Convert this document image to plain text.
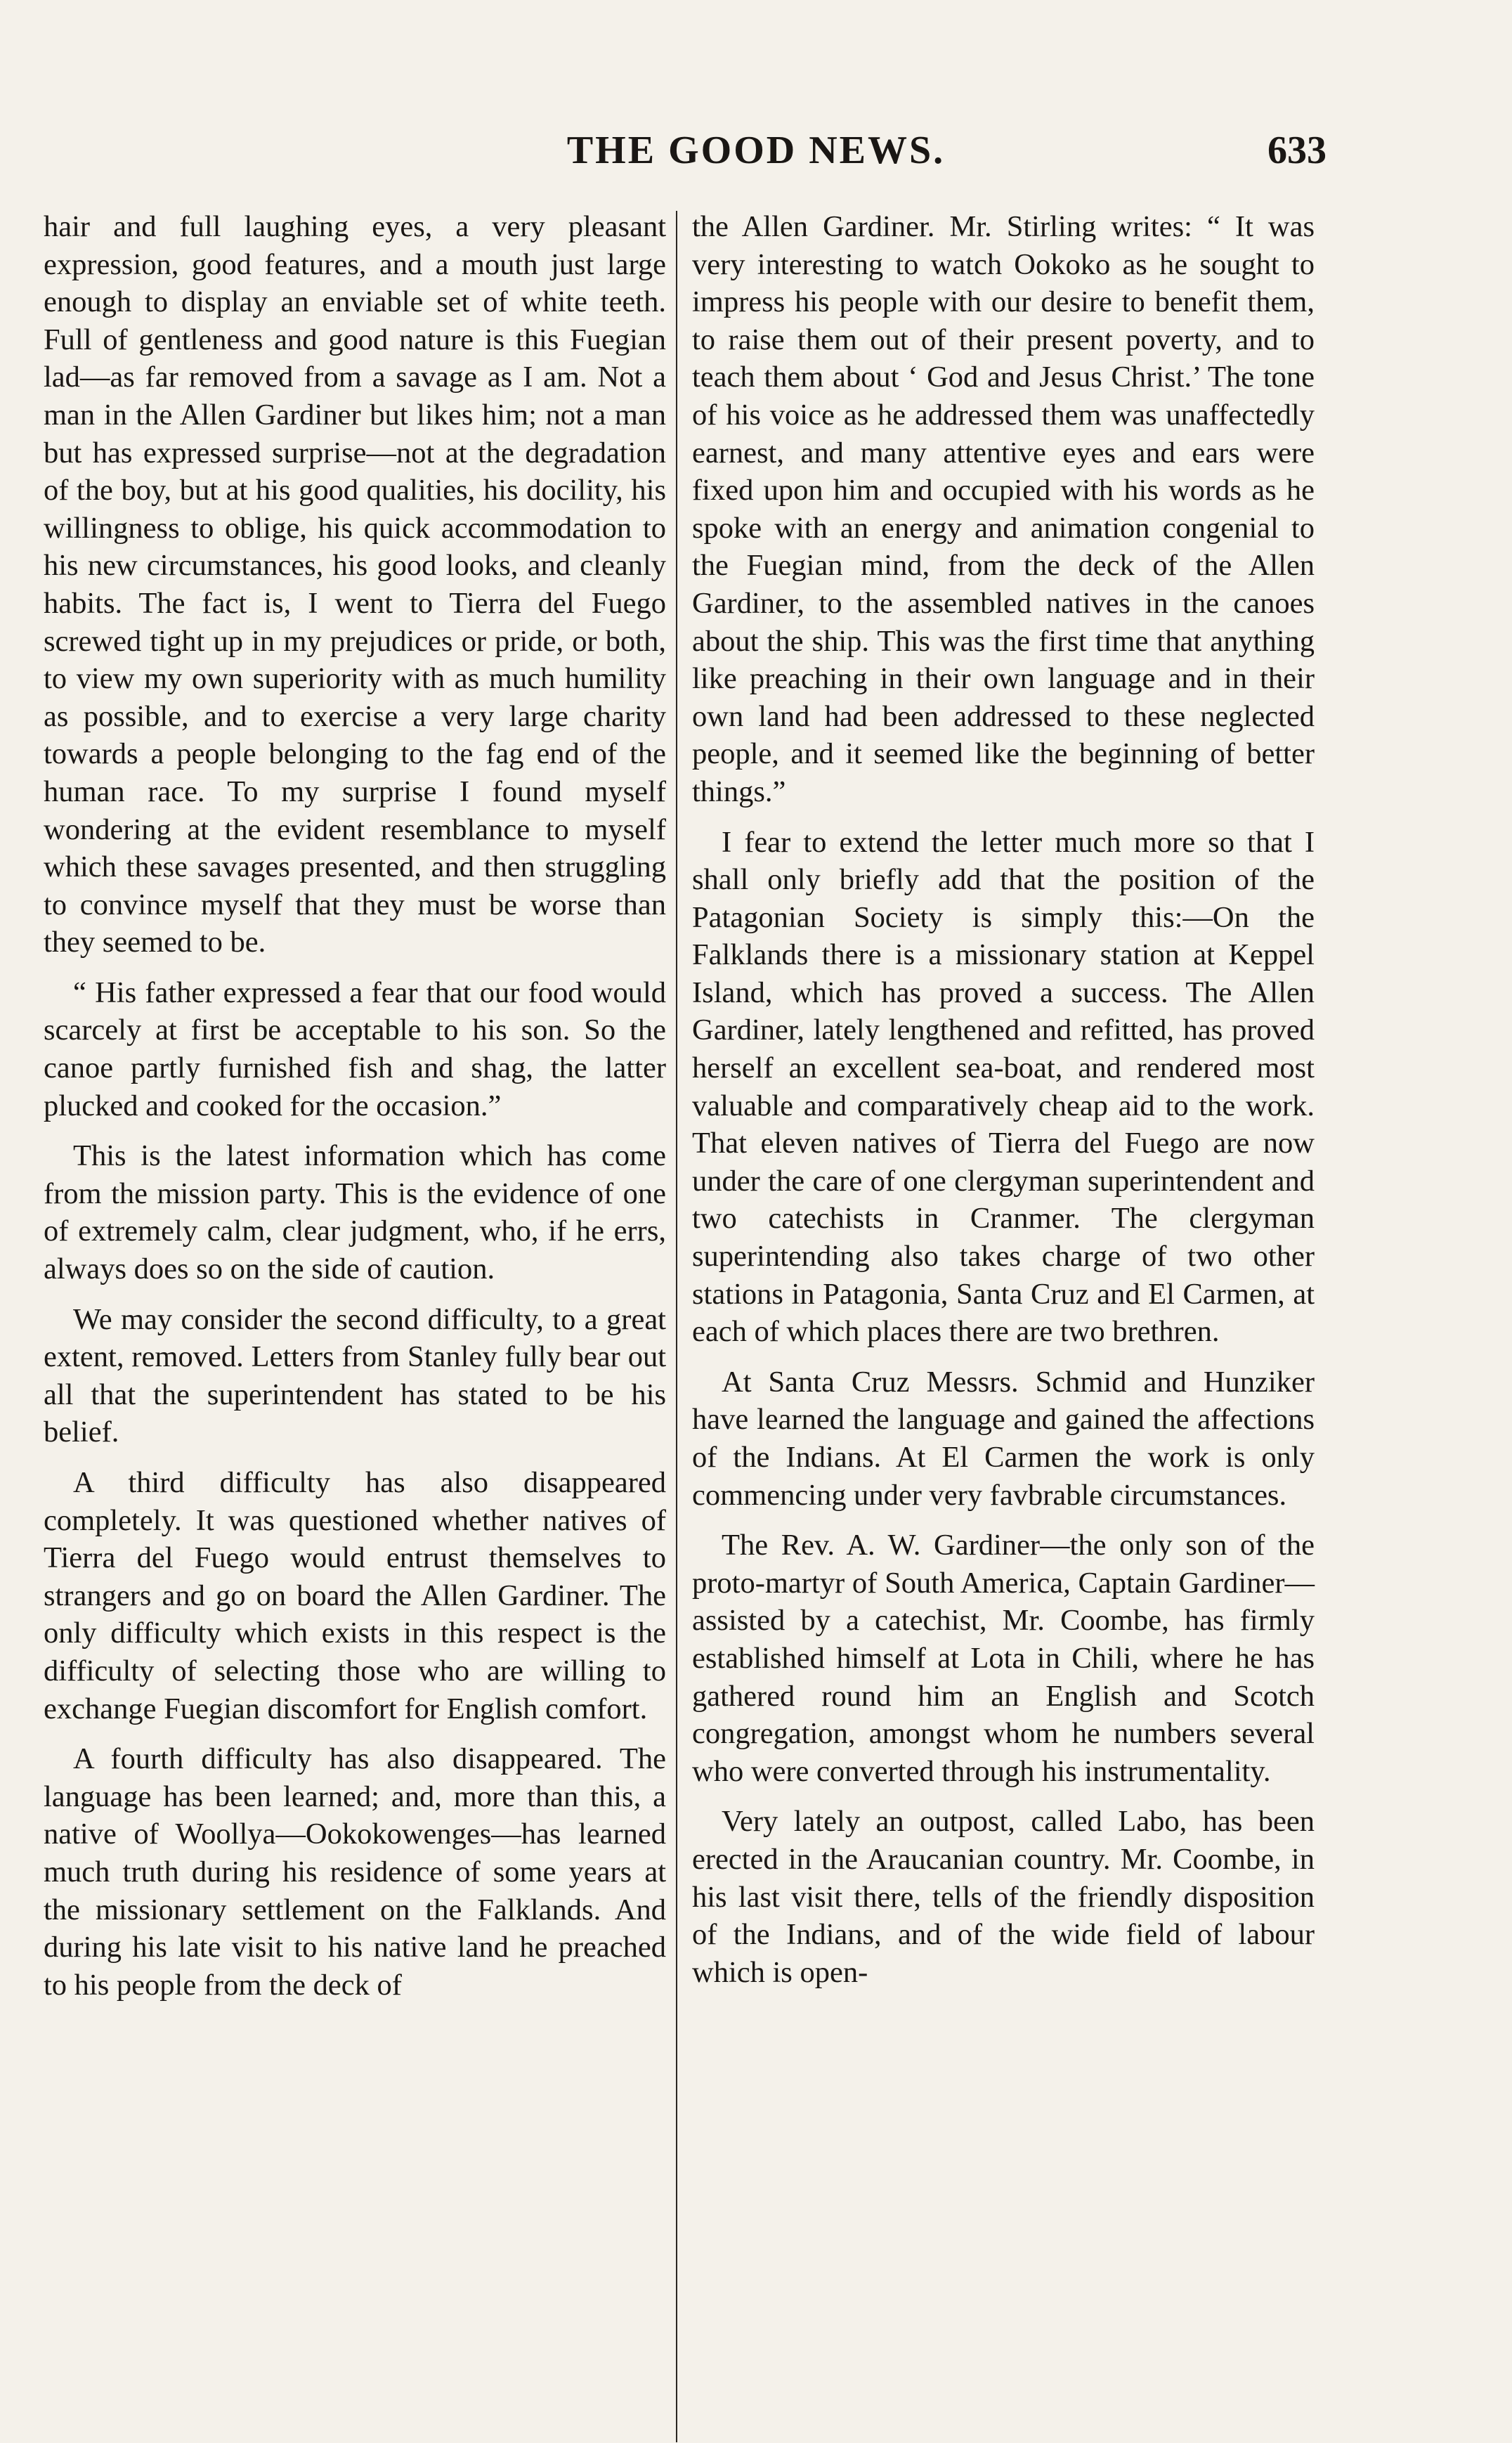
THE GOOD NEWS.	633

hair and full laughing eyes, a very pleasant expression, good features, and a mouth just large enough to display an enviable set of white teeth. Full of gentleness and good nature is this Fuegian lad—as far removed from a savage as I am. Not a man in the Allen Gardiner but likes him; not a man but has expressed surprise—not at the degradation of the boy, but at his good qualities, his docility, his willingness to oblige, his quick accommodation to his new circumstances, his good looks, and cleanly habits. The fact is, I went to Tierra del Fuego screwed tight up in my prejudices or pride, or both, to view my own superiority with as much humility as possible, and to exercise a very large charity towards a people belonging to the fag end of the human race. To my surprise I found myself wondering at the evident resemblance to myself which these savages presented, and then struggling to convince myself that they must be worse than they seemed to be.

“ His father expressed a fear that our food would scarcely at first be acceptable to his son. So the canoe partly furnished fish and shag, the latter plucked and cooked for the occasion.”

This is the latest information which has come from the mission party. This is the evidence of one of extremely calm, clear judgment, who, if he errs, always does so on the side of caution.

We may consider the second difficulty, to a great extent, removed. Letters from Stanley fully bear out all that the superintendent has stated to be his belief.

A third difficulty has also disappeared completely. It was questioned whether natives of Tierra del Fuego would entrust themselves to strangers and go on board the Allen Gardiner. The only difficulty which exists in this respect is the difficulty of selecting those who are willing to exchange Fuegian discomfort for English comfort.

A fourth difficulty has also disappeared. The language has been learned; and, more than this, a native of Woollya—Ookokowenges—has learned much truth during his residence of some years at the missionary settlement on the Falklands. And during his late visit to his native land he preached to his people from the deck of

the Allen Gardiner. Mr. Stirling writes: “ It was very interesting to watch Ookoko as he sought to impress his people with our desire to benefit them, to raise them out of their present poverty, and to teach them about ‘ God and Jesus Christ.’ The tone of his voice as he addressed them was unaffectedly earnest, and many attentive eyes and ears were fixed upon him and occupied with his words as he spoke with an energy and animation congenial to the Fuegian mind, from the deck of the Allen Gardiner, to the assembled natives in the canoes about the ship. This was the first time that anything like preaching in their own language and in their own land had been addressed to these neglected people, and it seemed like the beginning of better things.”

I fear to extend the letter much more so that I shall only briefly add that the position of the Patagonian Society is simply this:—On the Falklands there is a missionary station at Keppel Island, which has proved a success. The Allen Gardiner, lately lengthened and refitted, has proved herself an excellent sea-boat, and rendered most valuable and comparatively cheap aid to the work. That eleven natives of Tierra del Fuego are now under the care of one clergyman superintendent and two catechists in Cranmer. The clergyman superintending also takes charge of two other stations in Patagonia, Santa Cruz and El Carmen, at each of which places there are two brethren.

At Santa Cruz Messrs. Schmid and Hunziker have learned the language and gained the affections of the Indians. At El Carmen the work is only commencing under very favbrable circumstances.

The Rev. A. W. Gardiner—the only son of the proto-martyr of South America, Captain Gardiner—assisted by a catechist, Mr. Coombe, has firmly established himself at Lota in Chili, where he has gathered round him an English and Scotch congregation, amongst whom he numbers several who were converted through his instrumentality.

Very lately an outpost, called Labo, has been erected in the Araucanian country. Mr. Coombe, in his last visit there, tells of the friendly disposition of the Indians, and of the wide field of labour which is open-
